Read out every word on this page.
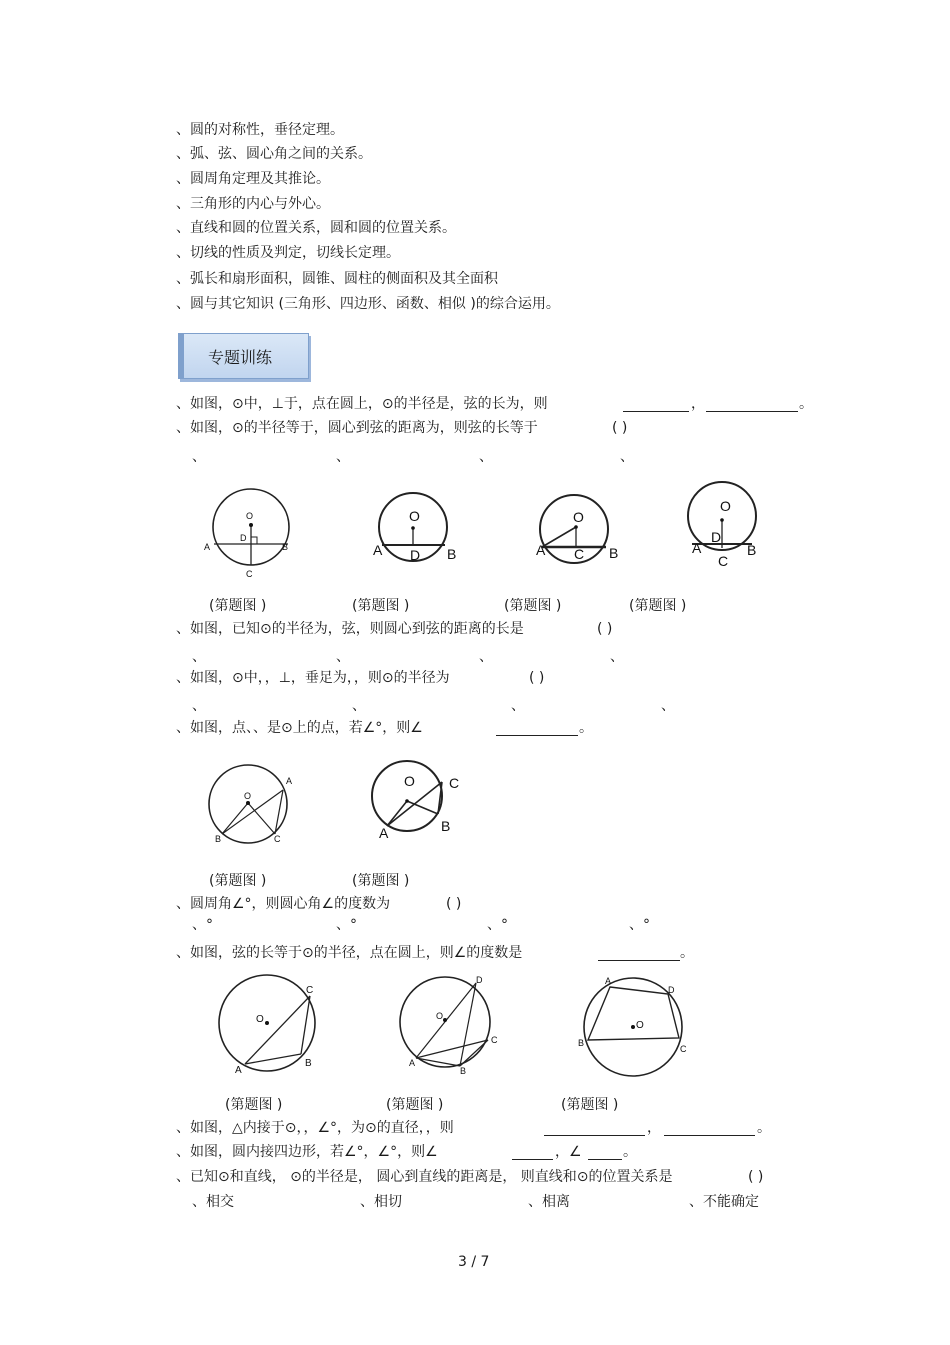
、圆的对称性，垂径定理。
、弧、弦、圆心角之间的关系。
、圆周角定理及其推论。
、三角形的内心与外心。
、直线和圆的位置关系，圆和圆的位置关系。
、切线的性质及判定，切线长定理。
、弧长和扇形面积，圆锥、圆柱的侧面积及其全面积
、圆与其它知识 (三角形、四边形、函数、相似 )的综合运用。
专题训练
、如图，⊙中，⊥于，点在圆上，⊙的半径是，弦的长为，则	，	。
、如图，⊙的半径等于，圆心到弦的距离为，则弦的长等于	( )
、	、	、	、
O
D
A	B
C
O
D
A	B
O
C
A	B
O
D
A
C
B
(第题图 )	(第题图 )	(第题图 )	(第题图 )
、如图，已知⊙的半径为，弦，则圆心到弦的距离的长是	( )
、	、	、	、
、如图，⊙中，，⊥，垂足为，，则⊙的半径为	( )
、	、	、	、
、如图，点、、是⊙上的点，若∠°，则∠	。
O
A
B	C
O C
A	B
(第题图 )	(第题图 )
、圆周角∠°，则圆心角∠的度数为	( )
、°	、°	、°	、°
、如图，弦的长等于⊙的半径，点在圆上，则∠的度数是	。
O
C
A
B
O
D
C
A
B
O
A
D
C
B
(第题图 )	(第题图 )	(第题图 )
、如图，△内接于⊙，，∠°，为⊙的直径，，则	，	。
、如图，圆内接四边形，若∠°，∠°，则∠	，∠	。
、已知⊙和直线， ⊙的半径是， 圆心到直线的距离是， 则直线和⊙的位置关系是	( )
、相交	、相切	、相离	、不能确定
3 / 7
